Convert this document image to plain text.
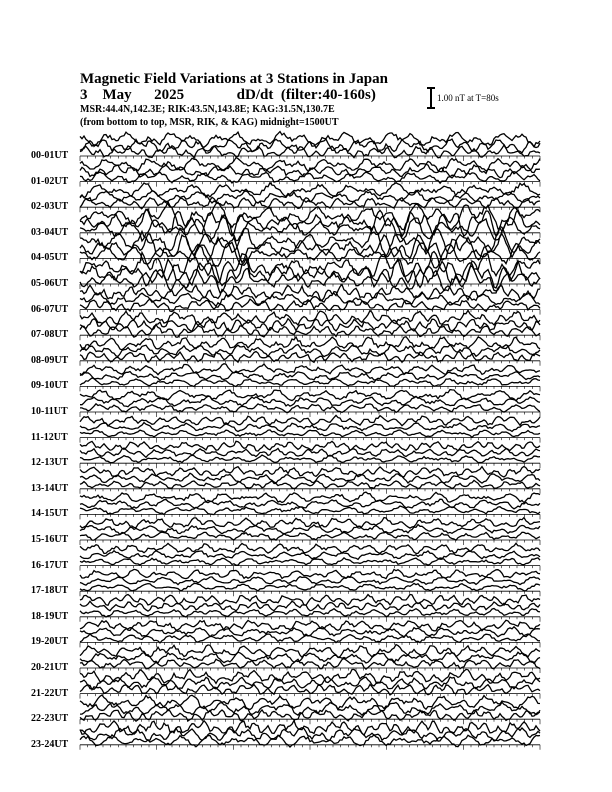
Magnetic Field Variations at 3 Stations in Japan
3 May 2025	dD/dt (filter:40-160s)
MSR:44.4N,142.3E; RIK:43.5N,143.8E; KAG:31.5N,130.7E
(from bottom to top, MSR, RIK, & KAG) midnight=1500UT
1.00 nT at T=80s
00-01UT
01-02UT
02-03UT
03-04UT
04-05UT
05-06UT
06-07UT
07-08UT
08-09UT
09-10UT
10-11UT
11-12UT
12-13UT
13-14UT
14-15UT
15-16UT
16-17UT
17-18UT
18-19UT
19-20UT
20-21UT
21-22UT
22-23UT
23-24UT
